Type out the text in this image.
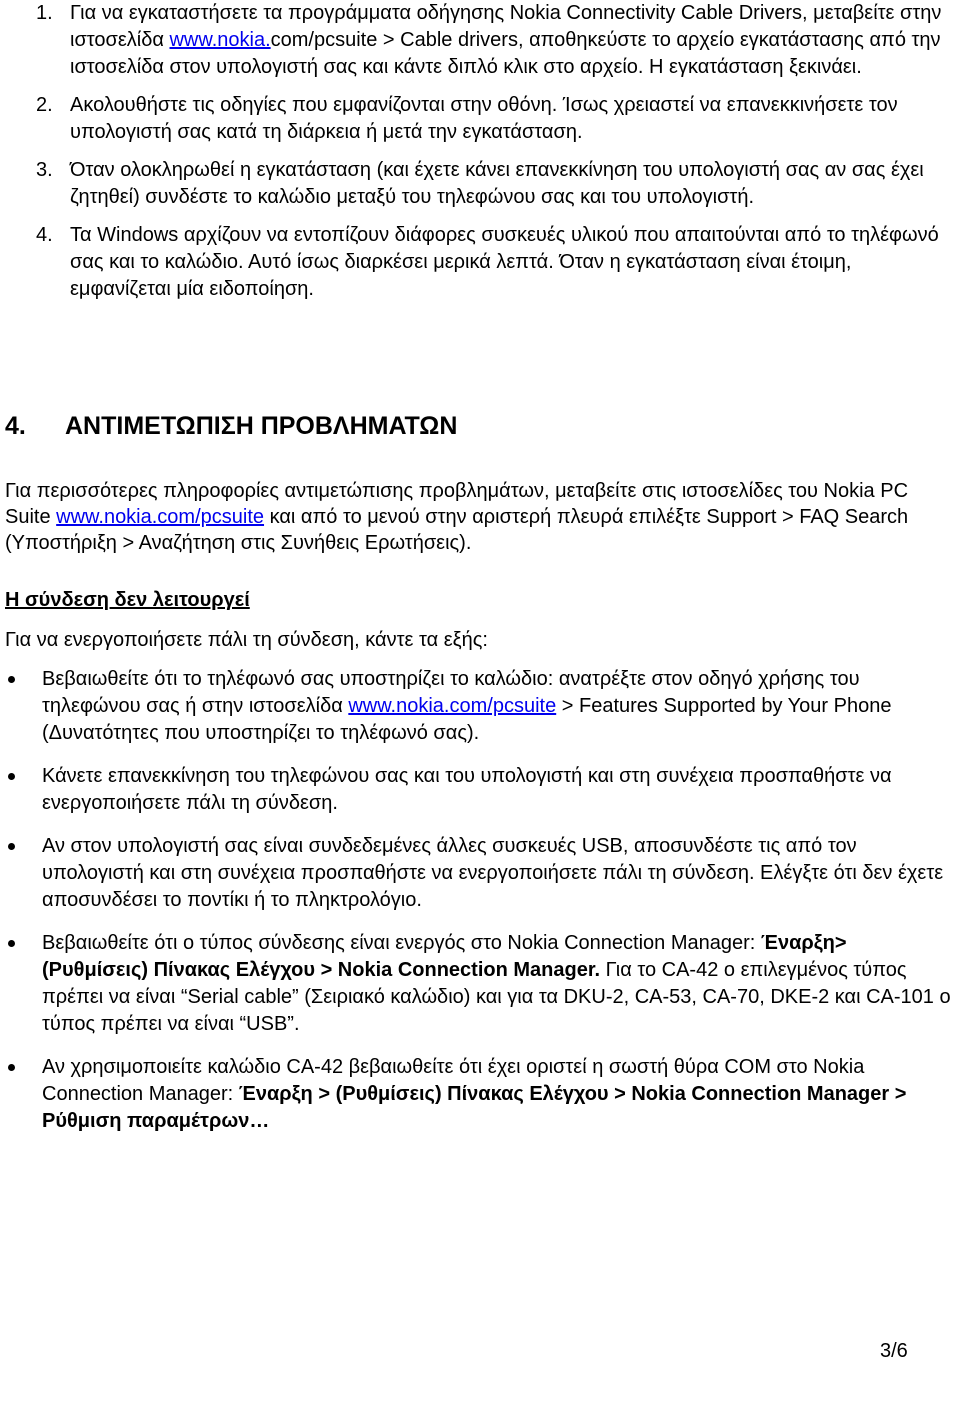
1. Για να εγκαταστήσετε τα προγράμματα οδήγησης Nokia Connectivity Cable Drivers, μεταβείτε στην ιστοσελίδα www.nokia.com/pcsuite > Cable drivers, αποθηκεύστε το αρχείο εγκατάστασης από την ιστοσελίδα στον υπολογιστή σας και κάντε διπλό κλικ στο αρχείο. Η εγκατάσταση ξεκινάει.
2. Ακολουθήστε τις οδηγίες που εμφανίζονται στην οθόνη. Ίσως χρειαστεί να επανεκκινήσετε τον υπολογιστή σας κατά τη διάρκεια ή μετά την εγκατάσταση.
3. Όταν ολοκληρωθεί η εγκατάσταση (και έχετε κάνει επανεκκίνηση του υπολογιστή σας αν σας έχει ζητηθεί) συνδέστε το καλώδιο μεταξύ του τηλεφώνου σας και του υπολογιστή.
4. Τα Windows αρχίζουν να εντοπίζουν διάφορες συσκευές υλικού που απαιτούνται από το τηλέφωνό σας και το καλώδιο. Αυτό ίσως διαρκέσει μερικά λεπτά. Όταν η εγκατάσταση είναι έτοιμη, εμφανίζεται μία ειδοποίηση.
4. ΑΝΤΙΜΕΤΩΠΙΣΗ ΠΡΟΒΛΗΜΑΤΩΝ

Για περισσότερες πληροφορίες αντιμετώπισης προβλημάτων, μεταβείτε στις ιστοσελίδες του Nokia PC Suite www.nokia.com/pcsuite και από το μενού στην αριστερή πλευρά επιλέξτε Support > FAQ Search (Υποστήριξη > Αναζήτηση στις Συνήθεις Ερωτήσεις).

Η σύνδεση δεν λειτουργεί

Για να ενεργοποιήσετε πάλι τη σύνδεση, κάντε τα εξής:

Βεβαιωθείτε ότι το τηλέφωνό σας υποστηρίζει το καλώδιο: ανατρέξτε στον οδηγό χρήσης του τηλεφώνου σας ή στην ιστοσελίδα www.nokia.com/pcsuite > Features Supported by Your Phone (Δυνατότητες που υποστηρίζει το τηλέφωνό σας).
Κάνετε επανεκκίνηση του τηλεφώνου σας και του υπολογιστή και στη συνέχεια προσπαθήστε να ενεργοποιήσετε πάλι τη σύνδεση.
Αν στον υπολογιστή σας είναι συνδεδεμένες άλλες συσκευές USB, αποσυνδέστε τις από τον υπολογιστή και στη συνέχεια προσπαθήστε να ενεργοποιήσετε πάλι τη σύνδεση. Ελέγξτε ότι δεν έχετε αποσυνδέσει το ποντίκι ή το πληκτρολόγιο.
Βεβαιωθείτε ότι ο τύπος σύνδεσης είναι ενεργός στο Nokia Connection Manager: Έναρξη> (Ρυθμίσεις) Πίνακας Ελέγχου > Nokia Connection Manager. Για το CA-42 ο επιλεγμένος τύπος πρέπει να είναι “Serial cable” (Σειριακό καλώδιο) και για τα DKU-2, CA-53, CA-70, DKE-2 και CA-101 ο τύπος πρέπει να είναι “USB”.
Αν χρησιμοποιείτε καλώδιο CA-42 βεβαιωθείτε ότι έχει οριστεί η σωστή θύρα COM στο Nokia Connection Manager: Έναρξη > (Ρυθμίσεις) Πίνακας Ελέγχου > Nokia Connection Manager > Ρύθμιση παραμέτρων…
3/6
